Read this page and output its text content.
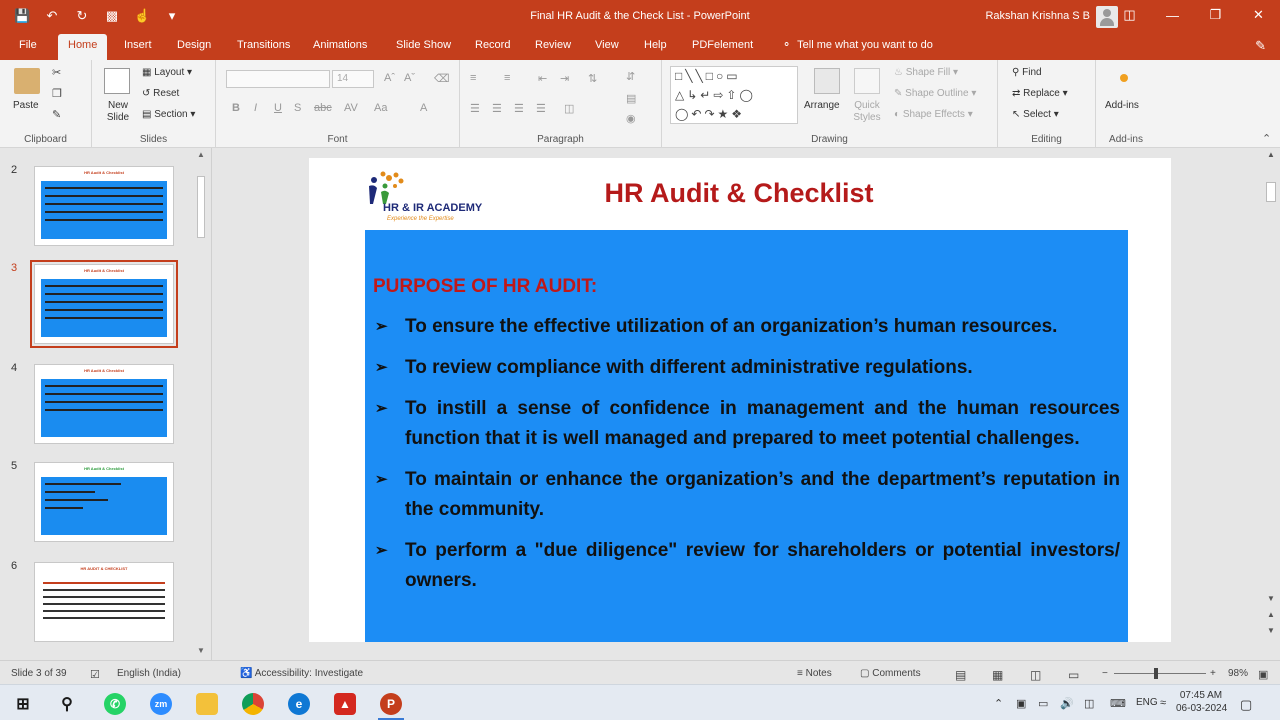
💾 ↶ ↻ ▩ ☝	▾	Final HR Audit & the Check List - PowerPoint	Rakshan Krishna S B	◫	—	❐	✕
File	Home	Insert Design Transitions Animations	Slide Show Record Review View Help PDFelement	⚬ Tell me what you want to do	✎
Paste
✂
❐
✎
Clipboard
New Slide
▦ Layout ▾
↺ Reset
▤ Section ▾
Slides
14	Aˆ Aˇ ⌫
B I U S abc AV Aa	A
Font
≡	≡	⇤ ⇥ ⇅	⇵
☰ ☰ ☰ ☰ ◫
▤
◉
Paragraph
□╲╲□○▭
△↳↵⇨⇧◯
◯↶↷★❖
Arrange Quick Styles
♨ Shape Fill ▾
✎ Shape Outline ▾
◐ Shape Effects ▾
Drawing
⚲ Find
⇄ Replace ▾
↖ Select ▾
Editing
Add-ins
Add-ins	⌃
2	HR Audit & Checklist
3	HR Audit & Checklist
4	HR Audit & Checklist
5	HR Audit & Checklist
6	HR AUDIT & CHECKLIST
▲
▼
HR & IR ACADEMY
Experience the Expertise
HR Audit & Checklist
PURPOSE OF HR AUDIT:
➢ To ensure the effective utilization of an organization’s human resources.
➢ To review compliance with different administrative regulations.
➢ To instill a sense of confidence in management and the human resources function that it is well managed and prepared to meet potential challenges.
➢ To maintain or enhance the organization’s and the department’s reputation in the community.
➢ To perform a "due diligence" review for shareholders or potential investors/ owners.
▲
▼
▲
▼
Slide 3 of 39 ☑ English (India)	♿ Accessibility: Investigate	≡ Notes	▢ Comments	▤ ▦ ◫ ▭ −	+ 98% ▣
⊞	⚲	✆	zm	e	▲	P	⌃ ▣ ▭ 🔊 ◫ ⌨ ENG ≈
07:45 AM
06-03-2024 ▢
